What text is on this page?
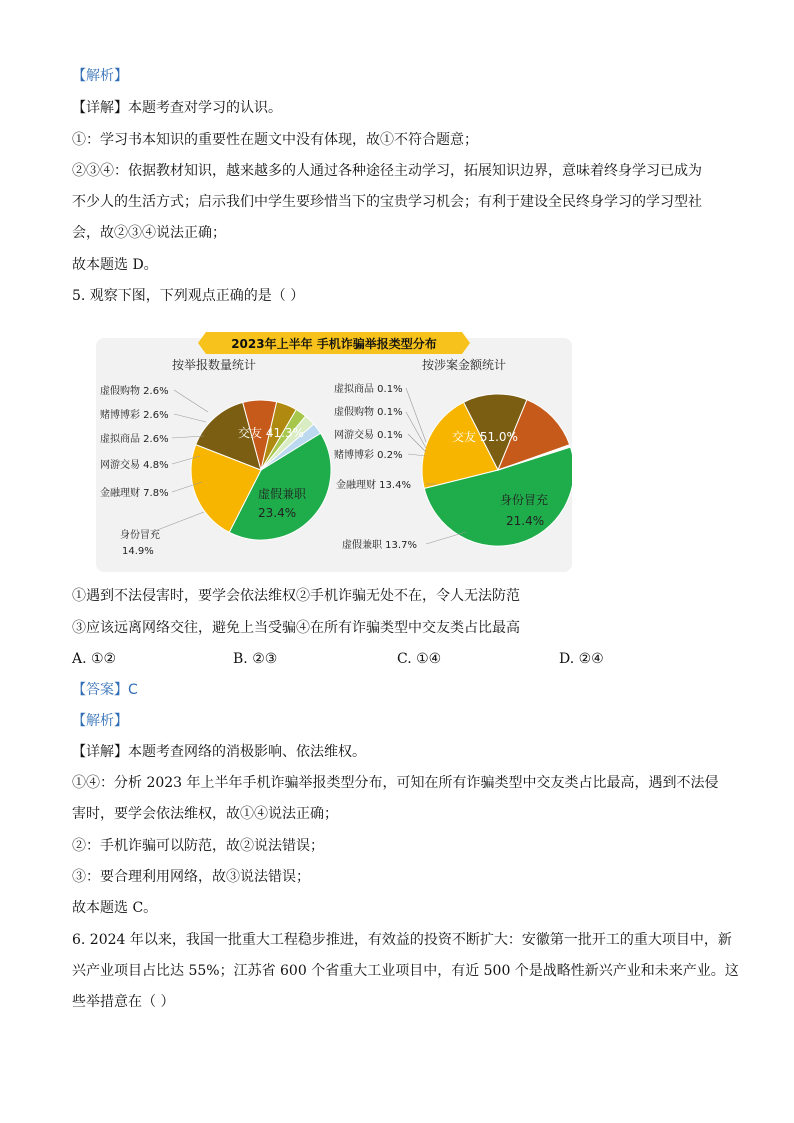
【解析】
【详解】本题考查对学习的认识。
①：学习书本知识的重要性在题文中没有体现，故①不符合题意；
②③④：依据教材知识，越来越多的人通过各种途径主动学习，拓展知识边界，意味着终身学习已成为
不少人的生活方式；启示我们中学生要珍惜当下的宝贵学习机会；有利于建设全民终身学习的学习型社
会，故②③④说法正确；
故本题选 D。
5. 观察下图，下列观点正确的是（ ）
2023年上半年 手机诈骗举报类型分布
按举报数量统计	按涉案金额统计
交友 41.3%
虚假兼职
23.4%
身份冒充
14.9%
金融理财 7.8%
网游交易 4.8%
虚拟商品 2.6%
赌博博彩 2.6%
虚假购物 2.6%
交友 51.0%
身份冒充
21.4%
虚假兼职 13.7%
金融理财 13.4%
赌博博彩 0.2%
网游交易 0.1%
虚假购物 0.1%
虚拟商品 0.1%
①遇到不法侵害时，要学会依法维权②手机诈骗无处不在，令人无法防范
③应该远离网络交往，避免上当受骗④在所有诈骗类型中交友类占比最高
A. ①②	B. ②③	C. ①④	D. ②④
【答案】C
【解析】
【详解】本题考查网络的消极影响、依法维权。
①④：分析 2023 年上半年手机诈骗举报类型分布，可知在所有诈骗类型中交友类占比最高，遇到不法侵
害时，要学会依法维权，故①④说法正确；
②：手机诈骗可以防范，故②说法错误；
③：要合理利用网络，故③说法错误；
故本题选 C。
6. 2024 年以来，我国一批重大工程稳步推进，有效益的投资不断扩大：安徽第一批开工的重大项目中，新
兴产业项目占比达 55%；江苏省 600 个省重大工业项目中，有近 500 个是战略性新兴产业和未来产业。这
些举措意在（ ）
